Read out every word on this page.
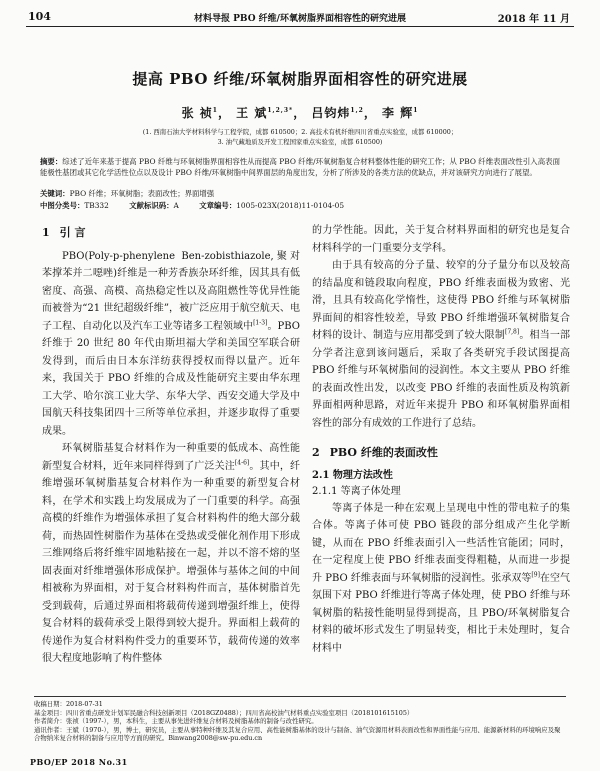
104	材料导报 PBO 纤维/环氧树脂界面相容性的研究进展	2018 年 11 月
提高 PBO 纤维/环氧树脂界面相容性的研究进展
张 祯$^1$， 王 斌$^{1,2,3*}$， 吕钧炜$^{1,2}$， 李 辉$^1$
(1. 西南石油大学材料科学与工程学院，成都 610500；2. 高技术有机纤维四川省重点实验室，成都 610000；
3. 油气藏地质及开发工程国家重点实验室，成都 610500)
摘要：综述了近年来基于提高 PBO 纤维与环氧树脂界面相容性从而提高 PBO 纤维/环氧树脂复合材料整体性能的研究工作；从 PBO 纤维表面改性引入高表面能极性基团或其它化学活性位点以及设计 PBO 纤维/环氧树脂中间界面层的角度出发，分析了所涉及的各类方法的优缺点，并对该研究方向进行了展望。
关键词：PBO 纤维；环氧树脂；表面改性；界面增强
中图分类号：TB332	文献标识码：A	文章编号：1005-023X(2018)11-0104-05
1 引 言

PBO(Poly-p-phenylene Ben-zobisthiazole,聚对苯撑苯并二噁唑)纤维是一种芳香族杂环纤维，因其具有低密度、高强、高模、高热稳定性以及高阻燃性等优异性能而被誉为“21 世纪超级纤维”，被广泛应用于航空航天、电子工程、自动化以及汽车工业等诸多工程领域中[1-3]。PBO 纤维于 20 世纪 80 年代由斯坦福大学和美国空军联合研发得到，而后由日本东洋纺获得授权而得以量产。近年来，我国关于 PBO 纤维的合成及性能研究主要由华东理工大学、哈尔滨工业大学、东华大学、西安交通大学及中国航天科技集团四十三所等单位承担，并逐步取得了重要成果。

环氧树脂基复合材料作为一种重要的低成本、高性能新型复合材料，近年来同样得到了广泛关注[4-6]。其中，纤维增强环氧树脂基复合材料作为一种重要的新型复合材料，在学术和实践上均发展成为了一门重要的科学。高强高模的纤维作为增强体承担了复合材料构件的绝大部分载荷，而热固性树脂作为基体在受热或受催化剂作用下形成三维网络后将纤维牢固地粘接在一起，并以不溶不熔的坚固表面对纤维增强体形成保护。增强体与基体之间的中间相被称为界面相，对于复合材料构件而言，基体树脂首先受到载荷，后通过界面相将载荷传递到增强纤维上，使得复合材料的载荷承受上限得到较大提升。界面相上载荷的传递作为复合材料构件受力的重要环节，载荷传递的效率很大程度地影响了构件整体

的力学性能。因此，关于复合材料界面相的研究也是复合材料科学的一门重要分支学科。

由于具有较高的分子量、较窄的分子量分布以及较高的结晶度和链段取向程度，PBO 纤维表面极为致密、光滑，且具有较高化学惰性，这使得 PBO 纤维与环氧树脂界面间的相容性较差，导致 PBO 纤维增强环氧树脂复合材料的设计、制造与应用都受到了较大限制[7,8]。相当一部分学者注意到该问题后，采取了各类研究手段试图提高 PBO 纤维与环氧树脂间的浸润性。本文主要从 PBO 纤维的表面改性出发，以改变 PBO 纤维的表面性质及构筑新界面相两种思路，对近年来提升 PBO 和环氧树脂界面相容性的部分有成效的工作进行了总结。

2 PBO 纤维的表面改性
2.1 物理方法改性
2.1.1 等离子体处理

等离子体是一种在宏观上呈现电中性的带电粒子的集合体。等离子体可使 PBO 链段的部分组成产生化学断键，从而在 PBO 纤维表面引入一些活性官能团；同时，在一定程度上使 PBO 纤维表面变得粗糙，从而进一步提升 PBO 纤维表面与环氧树脂的浸润性。张承双等[9]在空气氛围下对 PBO 纤维进行等离子体处理，使 PBO 纤维与环氧树脂的粘接性能明显得到提高，且 PBO/环氧树脂复合材料的破坏形式发生了明显转变，相比于未处理时，复合材料中

收稿日期：2018-07-31
基金项目：四川省重点研发计划军民融合科技创新项目（2018GZ0488）；四川省高校油气材料重点实验室项目（2018101615105）
作者简介：张祯（1997-），男，本科生，主要从事先进纤维复合材料及树脂基体的制备与改性研究。
通讯作者：王斌（1970-），男，博士，研究员，主要从事特种纤维及其复合应用、高性能树脂基体的设计与制备、油气资源用材料表面改性和界面性能与应用、能源新材料的环境响应及聚合物纳米复合材料的制备与应用等方面的研究。Binwang2008@sw-pu.edu.cn
PBO/EP 2018 No.31
